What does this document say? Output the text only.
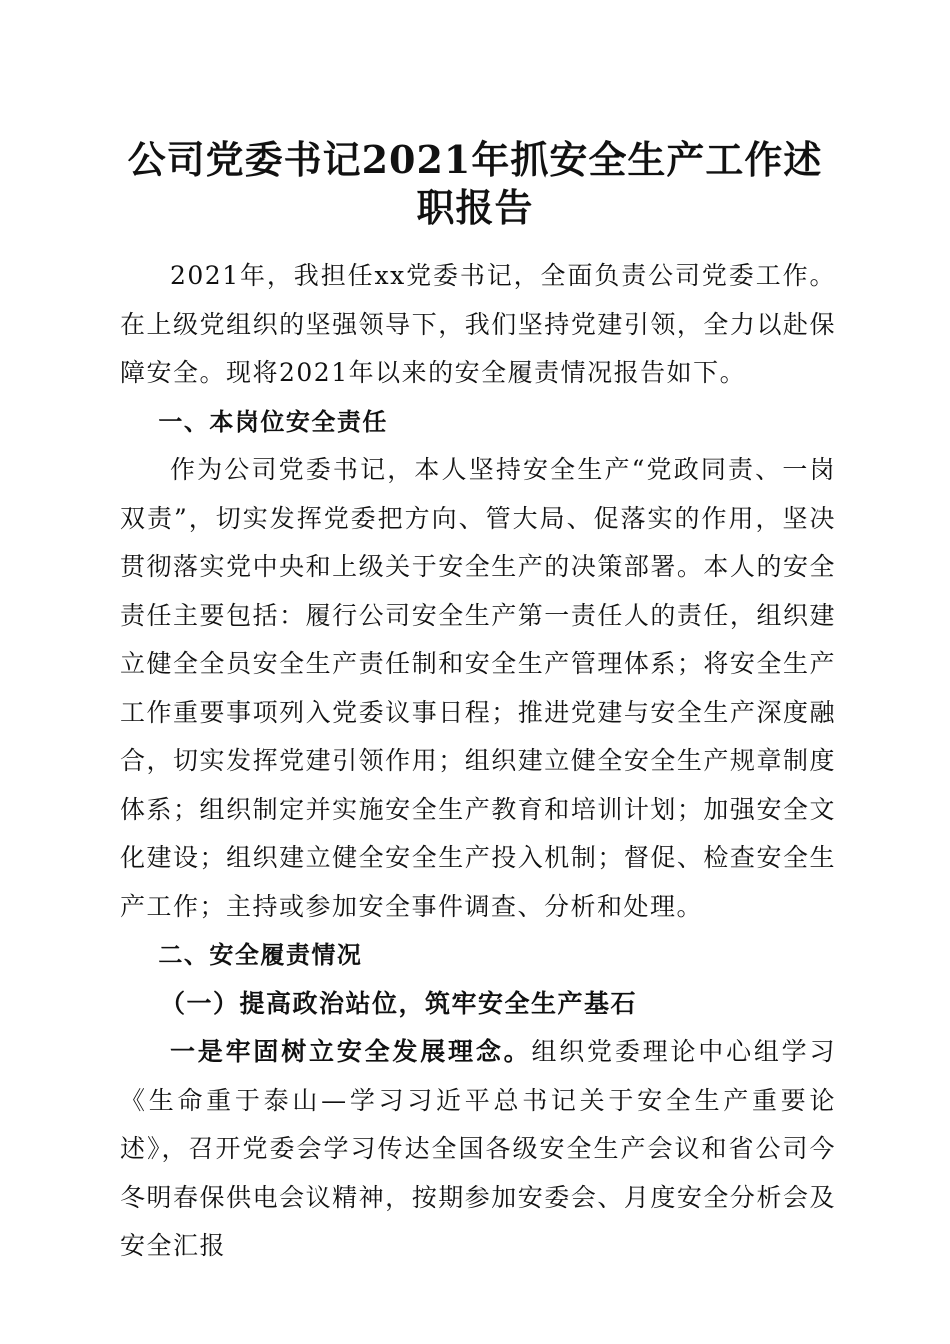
公司党委书记2021年抓安全生产工作述职报告

2021年，我担任xx党委书记，全面负责公司党委工作。在上级党组织的坚强领导下，我们坚持党建引领，全力以赴保障安全。现将2021年以来的安全履责情况报告如下。

一、本岗位安全责任

作为公司党委书记，本人坚持安全生产“党政同责、一岗双责”，切实发挥党委把方向、管大局、促落实的作用，坚决贯彻落实党中央和上级关于安全生产的决策部署。本人的安全责任主要包括：履行公司安全生产第一责任人的责任，组织建立健全全员安全生产责任制和安全生产管理体系；将安全生产工作重要事项列入党委议事日程；推进党建与安全生产深度融合，切实发挥党建引领作用；组织建立健全安全生产规章制度体系；组织制定并实施安全生产教育和培训计划；加强安全文化建设；组织建立健全安全生产投入机制；督促、检查安全生产工作；主持或参加安全事件调查、分析和处理。

二、安全履责情况

（一）提高政治站位，筑牢安全生产基石

一是牢固树立安全发展理念。组织党委理论中心组学习《生命重于泰山—学习习近平总书记关于安全生产重要论述》，召开党委会学习传达全国各级安全生产会议和省公司今冬明春保供电会议精神，按期参加安委会、月度安全分析会及安全汇报
